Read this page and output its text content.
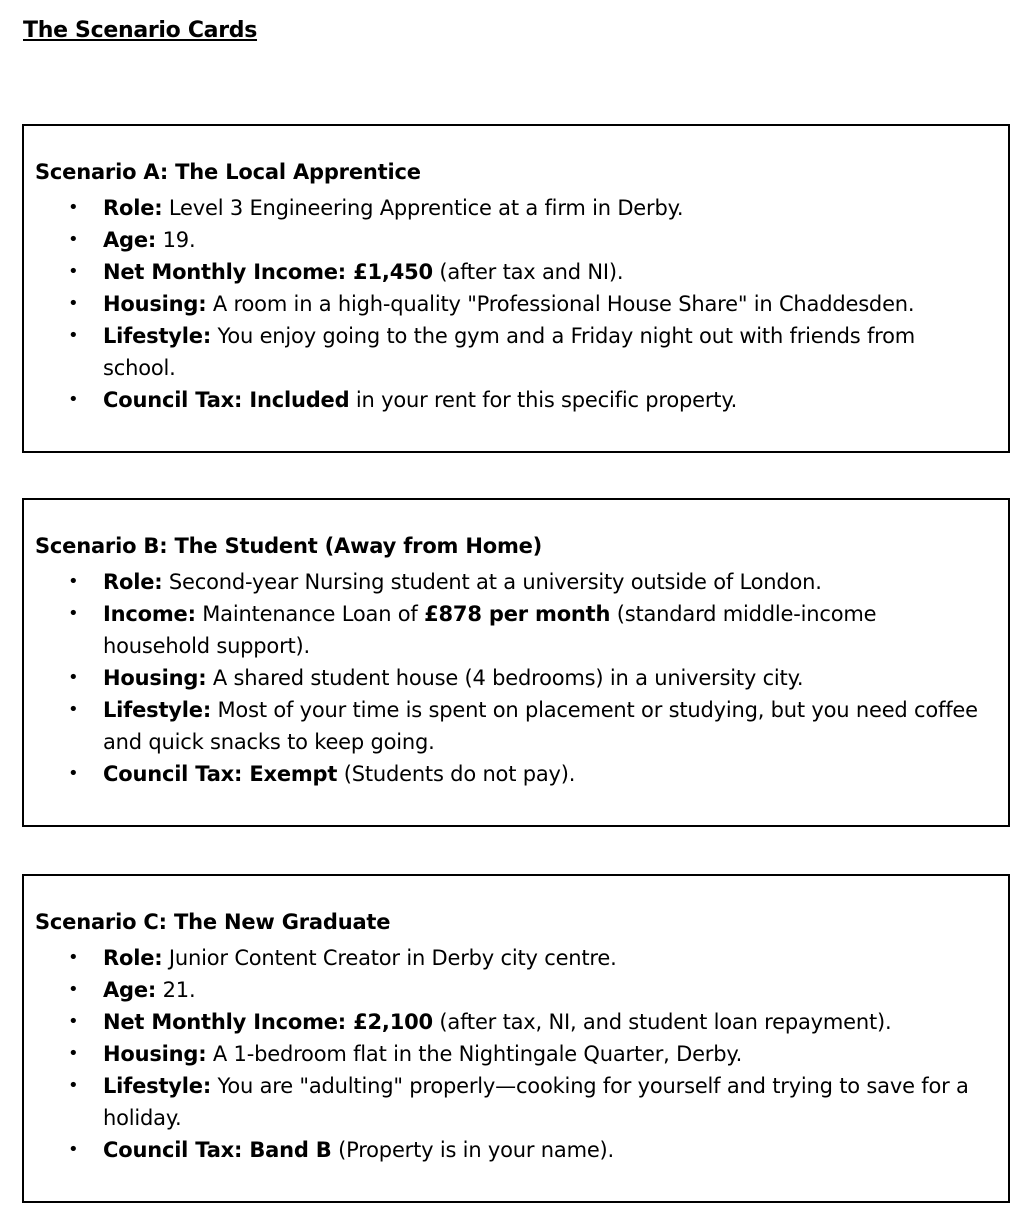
The Scenario Cards
Scenario A: The Local Apprentice
• Role: Level 3 Engineering Apprentice at a firm in Derby.
• Age: 19.
• Net Monthly Income: £1,450 (after tax and NI).
• Housing: A room in a high-quality "Professional House Share" in Chaddesden.
• Lifestyle: You enjoy going to the gym and a Friday night out with friends from school.
• Council Tax: Included in your rent for this specific property.
Scenario B: The Student (Away from Home)
• Role: Second-year Nursing student at a university outside of London.
• Income: Maintenance Loan of £878 per month (standard middle-income household support).
• Housing: A shared student house (4 bedrooms) in a university city.
• Lifestyle: Most of your time is spent on placement or studying, but you need coffee and quick snacks to keep going.
• Council Tax: Exempt (Students do not pay).
Scenario C: The New Graduate
• Role: Junior Content Creator in Derby city centre.
• Age: 21.
• Net Monthly Income: £2,100 (after tax, NI, and student loan repayment).
• Housing: A 1-bedroom flat in the Nightingale Quarter, Derby.
• Lifestyle: You are "adulting" properly—cooking for yourself and trying to save for a holiday.
• Council Tax: Band B (Property is in your name).
